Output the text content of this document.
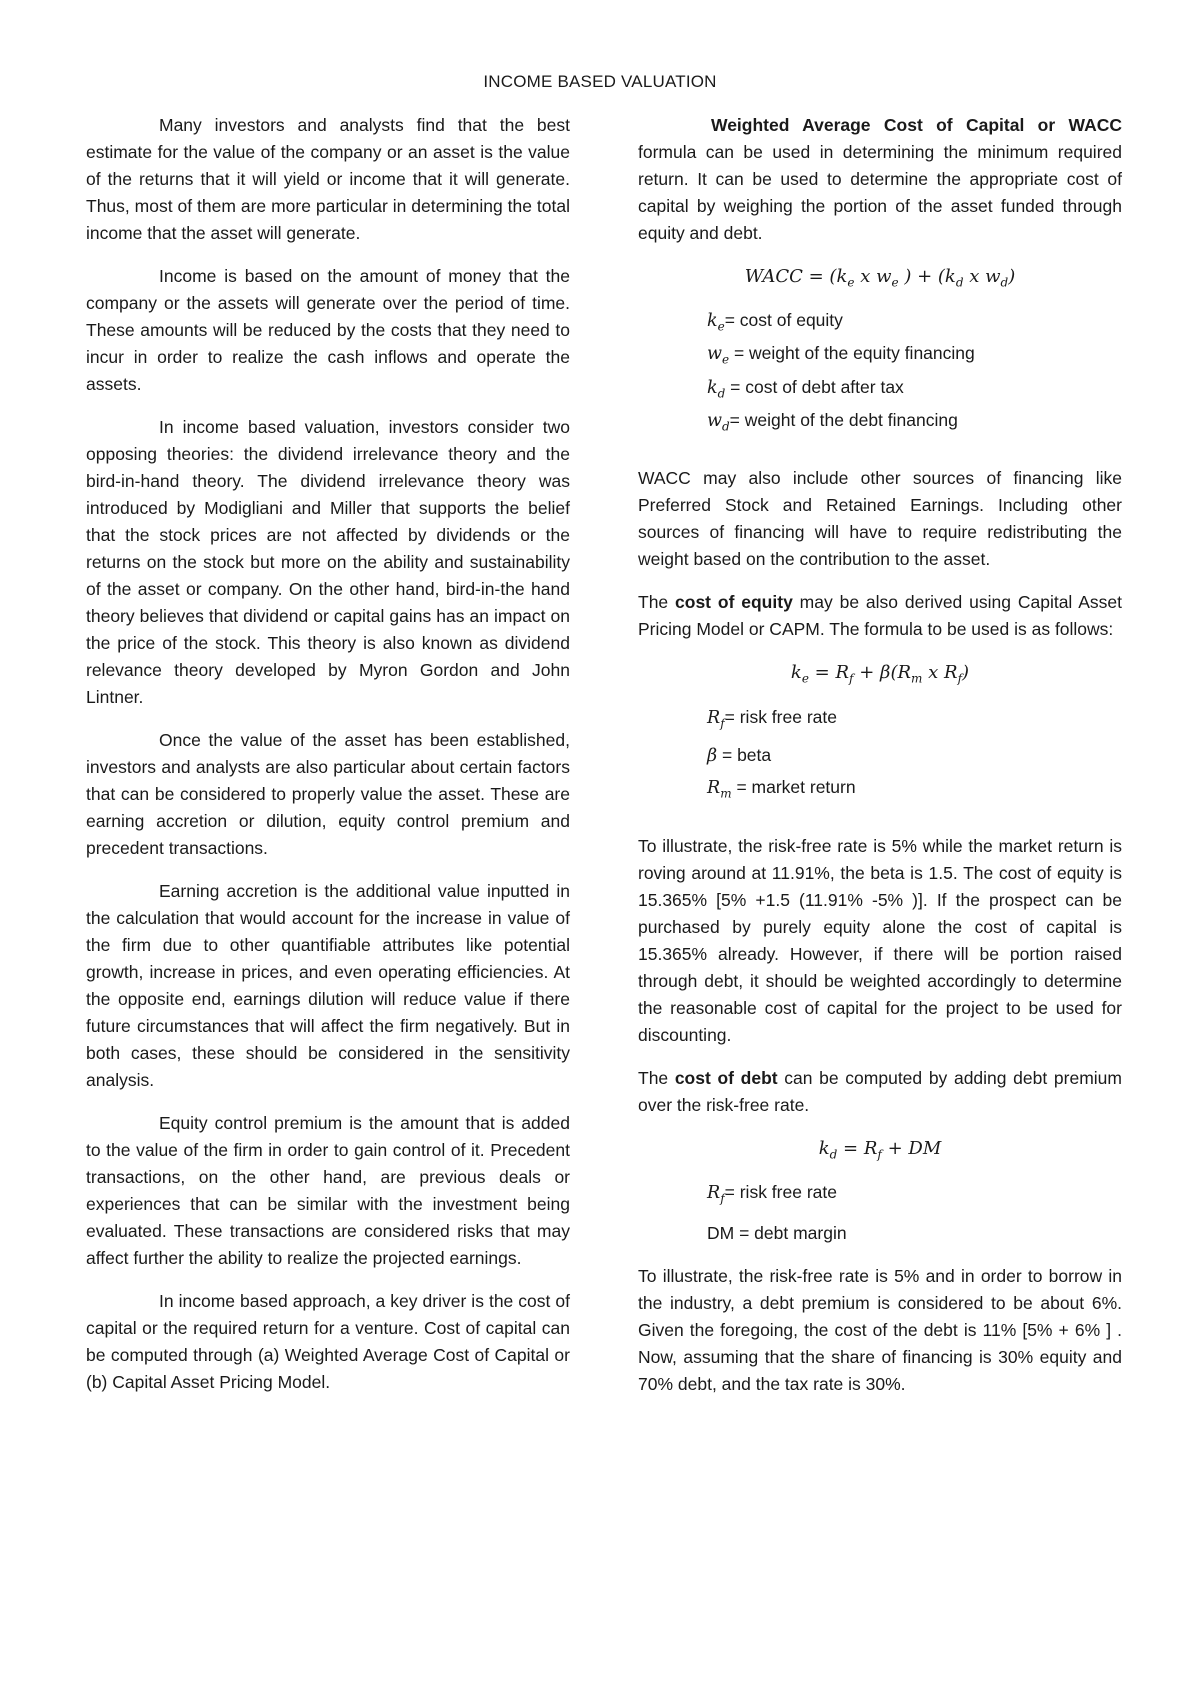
INCOME BASED VALUATION

Many investors and analysts find that the best estimate for the value of the company or an asset is the value of the returns that it will yield or income that it will generate. Thus, most of them are more particular in determining the total income that the asset will generate.

Income is based on the amount of money that the company or the assets will generate over the period of time. These amounts will be reduced by the costs that they need to incur in order to realize the cash inflows and operate the assets.

In income based valuation, investors consider two opposing theories: the dividend irrelevance theory and the bird-in-hand theory. The dividend irrelevance theory was introduced by Modigliani and Miller that supports the belief that the stock prices are not affected by dividends or the returns on the stock but more on the ability and sustainability of the asset or company. On the other hand, bird-in-the hand theory believes that dividend or capital gains has an impact on the price of the stock. This theory is also known as dividend relevance theory developed by Myron Gordon and John Lintner.

Once the value of the asset has been established, investors and analysts are also particular about certain factors that can be considered to properly value the asset. These are earning accretion or dilution, equity control premium and precedent transactions.

Earning accretion is the additional value inputted in the calculation that would account for the increase in value of the firm due to other quantifiable attributes like potential growth, increase in prices, and even operating efficiencies. At the opposite end, earnings dilution will reduce value if there future circumstances that will affect the firm negatively. But in both cases, these should be considered in the sensitivity analysis.

Equity control premium is the amount that is added to the value of the firm in order to gain control of it. Precedent transactions, on the other hand, are previous deals or experiences that can be similar with the investment being evaluated. These transactions are considered risks that may affect further the ability to realize the projected earnings.

In income based approach, a key driver is the cost of capital or the required return for a venture. Cost of capital can be computed through (a) Weighted Average Cost of Capital or (b) Capital Asset Pricing Model.

Weighted Average Cost of Capital or WACC formula can be used in determining the minimum required return. It can be used to determine the appropriate cost of capital by weighing the portion of the asset funded through equity and debt.

WACC = ($k_e$ x $w_e$ ) + ($k_d$ x $w_d$)
$k_e= \cos t$ of equity
$w_e$ = weight of the equity financing
$k_d = \cos t$ of debt after tax
$w_d=$ weight of the debt financing

WACC may also include other sources of financing like Preferred Stock and Retained Earnings. Including other sources of financing will have to require redistributing the weight based on the contribution to the asset.

The cost of equity may be also derived using Capital Asset Pricing Model or CAPM. The formula to be used is as follows:

$k_e = R_f + \beta(R_m$ x $R_f$)
$R_f=$ risk free rate
β = beta
$R_m$ = market return

To illustrate, the risk-free rate is 5% while the market return is roving around at 11.91%, the beta is 1.5. The cost of equity is 15.365% [5% +1.5 (11.91% -5% )]. If the prospect can be purchased by purely equity alone the cost of capital is 15.365% already. However, if there will be portion raised through debt, it should be weighted accordingly to determine the reasonable cost of capital for the project to be used for discounting.

The cost of debt can be computed by adding debt premium over the risk-free rate.

$k_d = R_f$ + DM
$R_f=$ risk free rate
DM = debt margin

To illustrate, the risk-free rate is 5% and in order to borrow in the industry, a debt premium is considered to be about 6%. Given the foregoing, the cost of the debt is 11% [5% + 6% ] . Now, assuming that the share of financing is 30% equity and 70% debt, and the tax rate is 30%.
